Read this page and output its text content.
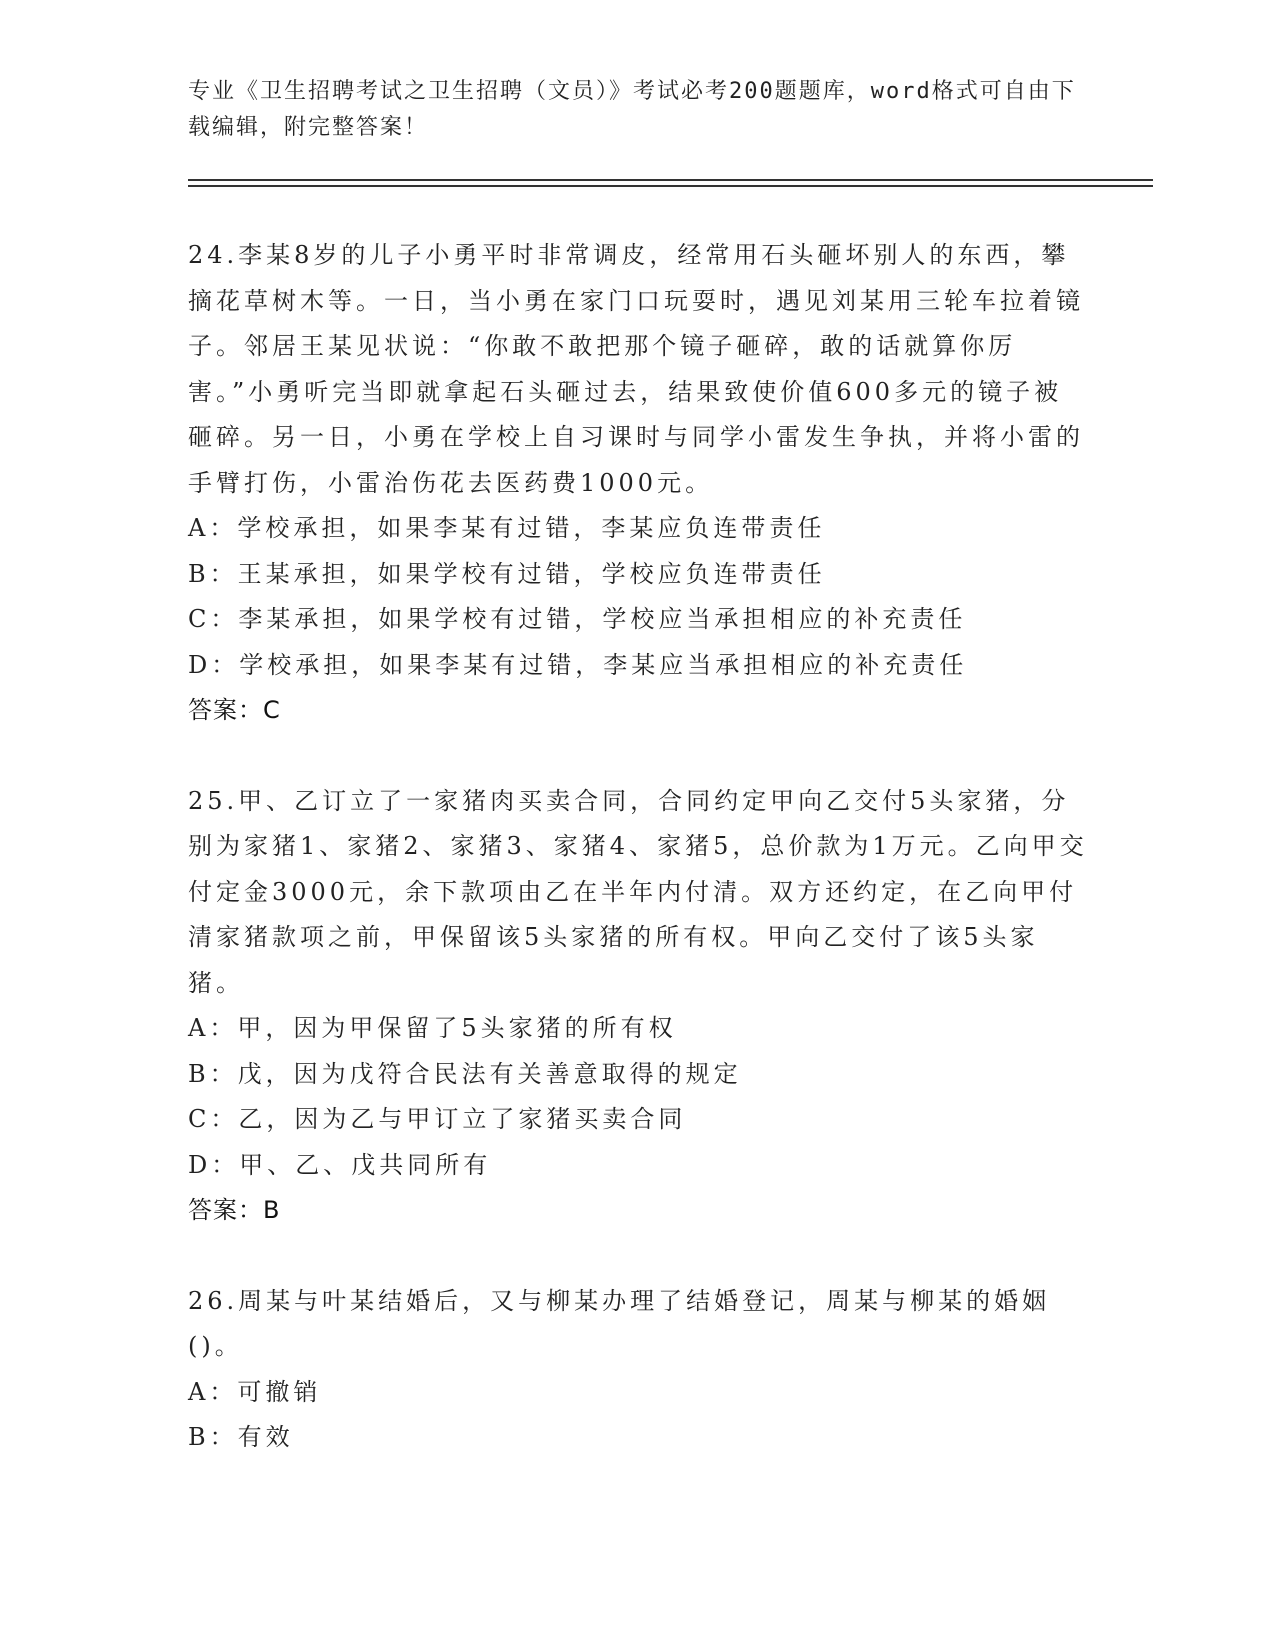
专业《卫生招聘考试之卫生招聘（文员）》考试必考200题题库，word格式可自由下载编辑，附完整答案！

24.李某8岁的儿子小勇平时非常调皮，经常用石头砸坏别人的东西，攀摘花草树木等。一日，当小勇在家门口玩耍时，遇见刘某用三轮车拉着镜子。邻居王某见状说：“你敢不敢把那个镜子砸碎，敢的话就算你厉害。”小勇听完当即就拿起石头砸过去，结果致使价值600多元的镜子被砸碎。另一日，小勇在学校上自习课时与同学小雷发生争执，并将小雷的手臂打伤，小雷治伤花去医药费1000元。

A：学校承担，如果李某有过错，李某应负连带责任

B：王某承担，如果学校有过错，学校应负连带责任

C：李某承担，如果学校有过错，学校应当承担相应的补充责任

D：学校承担，如果李某有过错，李某应当承担相应的补充责任

答案：C

25.甲、乙订立了一家猪肉买卖合同，合同约定甲向乙交付5头家猪，分别为家猪1、家猪2、家猪3、家猪4、家猪5，总价款为1万元。乙向甲交付定金3000元，余下款项由乙在半年内付清。双方还约定，在乙向甲付清家猪款项之前，甲保留该5头家猪的所有权。甲向乙交付了该5头家猪。

A：甲，因为甲保留了5头家猪的所有权

B：戊，因为戊符合民法有关善意取得的规定

C：乙，因为乙与甲订立了家猪买卖合同

D：甲、乙、戊共同所有

答案：B

26.周某与叶某结婚后，又与柳某办理了结婚登记，周某与柳某的婚姻()。

A：可撤销

B：有效
